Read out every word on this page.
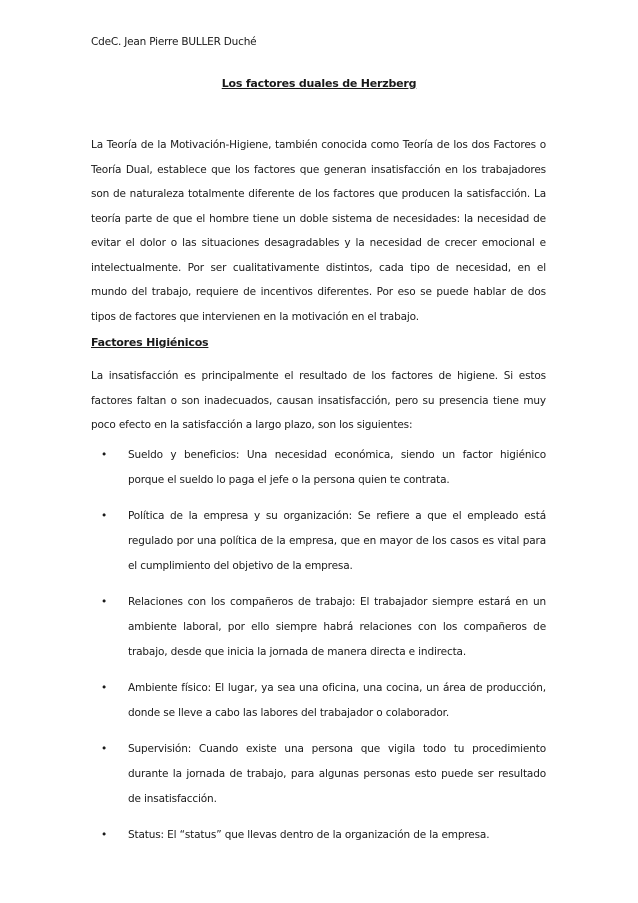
CdeC. Jean Pierre BULLER Duché
Los factores duales de Herzberg

La Teoría de la Motivación-Higiene, también conocida como Teoría de los dos Factores o Teoría Dual, establece que los factores que generan insatisfacción en los trabajadores son de naturaleza totalmente diferente de los factores que producen la satisfacción. La teoría parte de que el hombre tiene un doble sistema de necesidades: la necesidad de evitar el dolor o las situaciones desagradables y la necesidad de crecer emocional e intelectualmente. Por ser cualitativamente distintos, cada tipo de necesidad, en el mundo del trabajo, requiere de incentivos diferentes. Por eso se puede hablar de dos tipos de factores que intervienen en la motivación en el trabajo.

Factores Higiénicos

La insatisfacción es principalmente el resultado de los factores de higiene. Si estos factores faltan o son inadecuados, causan insatisfacción, pero su presencia tiene muy poco efecto en la satisfacción a largo plazo, son los siguientes:

• Sueldo y beneficios: Una necesidad económica, siendo un factor higiénico porque el sueldo lo paga el jefe o la persona quien te contrata.
• Política de la empresa y su organización: Se refiere a que el empleado está regulado por una política de la empresa, que en mayor de los casos es vital para el cumplimiento del objetivo de la empresa.
• Relaciones con los compañeros de trabajo: El trabajador siempre estará en un ambiente laboral, por ello siempre habrá relaciones con los compañeros de trabajo, desde que inicia la jornada de manera directa e indirecta.
• Ambiente físico: El lugar, ya sea una oficina, una cocina, un área de producción, donde se lleve a cabo las labores del trabajador o colaborador.
• Supervisión: Cuando existe una persona que vigila todo tu procedimiento durante la jornada de trabajo, para algunas personas esto puede ser resultado de insatisfacción.
• Status: El “status” que llevas dentro de la organización de la empresa.
